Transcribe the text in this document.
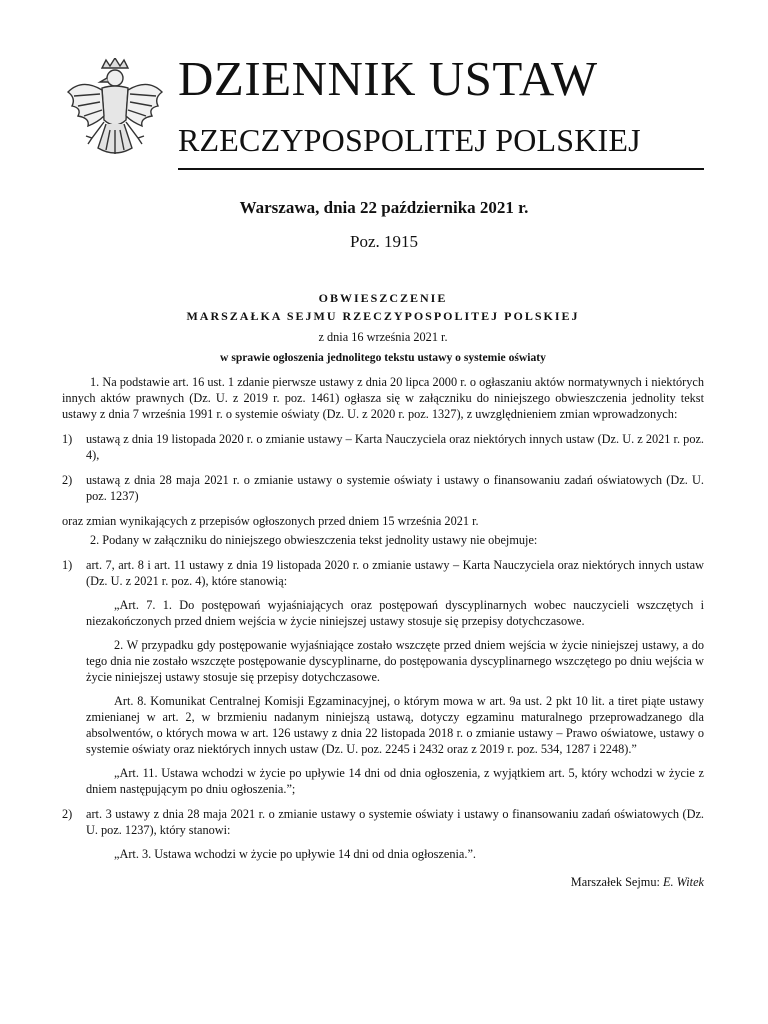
DZIENNIK USTAW
RZECZYPOSPOLITEJ POLSKIEJ
Warszawa, dnia 22 października 2021 r.
Poz. 1915
OBWIESZCZENIE
MARSZAŁKA SEJMU RZECZYPOSPOLITEJ POLSKIEJ
z dnia 16 września 2021 r.
w sprawie ogłoszenia jednolitego tekstu ustawy o systemie oświaty

1. Na podstawie art. 16 ust. 1 zdanie pierwsze ustawy z dnia 20 lipca 2000 r. o ogłaszaniu aktów normatywnych i niektórych innych aktów prawnych (Dz. U. z 2019 r. poz. 1461) ogłasza się w załączniku do niniejszego obwieszczenia jednolity tekst ustawy z dnia 7 września 1991 r. o systemie oświaty (Dz. U. z 2020 r. poz. 1327), z uwzględnieniem zmian wprowadzonych:

1)	ustawą z dnia 19 listopada 2020 r. o zmianie ustawy – Karta Nauczyciela oraz niektórych innych ustaw (Dz. U. z 2021 r. poz. 4),
2)	ustawą z dnia 28 maja 2021 r. o zmianie ustawy o systemie oświaty i ustawy o finansowaniu zadań oświatowych (Dz. U. poz. 1237)

oraz zmian wynikających z przepisów ogłoszonych przed dniem 15 września 2021 r.

2. Podany w załączniku do niniejszego obwieszczenia tekst jednolity ustawy nie obejmuje:

1)	art. 7, art. 8 i art. 11 ustawy z dnia 19 listopada 2020 r. o zmianie ustawy – Karta Nauczyciela oraz niektórych innych ustaw (Dz. U. z 2021 r. poz. 4), które stanowią:

„Art. 7. 1. Do postępowań wyjaśniających oraz postępowań dyscyplinarnych wobec nauczycieli wszczętych i niezakończonych przed dniem wejścia w życie niniejszej ustawy stosuje się przepisy dotychczasowe.

2. W przypadku gdy postępowanie wyjaśniające zostało wszczęte przed dniem wejścia w życie niniejszej ustawy, a do tego dnia nie zostało wszczęte postępowanie dyscyplinarne, do postępowania dyscyplinarnego wszczętego po dniu wejścia w życie niniejszej ustawy stosuje się przepisy dotychczasowe.

Art. 8. Komunikat Centralnej Komisji Egzaminacyjnej, o którym mowa w art. 9a ust. 2 pkt 10 lit. a tiret piąte ustawy zmienianej w art. 2, w brzmieniu nadanym niniejszą ustawą, dotyczy egzaminu maturalnego przeprowadzanego dla absolwentów, o których mowa w art. 126 ustawy z dnia 22 listopada 2018 r. o zmianie ustawy – Prawo oświatowe, ustawy o systemie oświaty oraz niektórych innych ustaw (Dz. U. poz. 2245 i 2432 oraz z 2019 r. poz. 534, 1287 i 2248).”

„Art. 11. Ustawa wchodzi w życie po upływie 14 dni od dnia ogłoszenia, z wyjątkiem art. 5, który wchodzi w życie z dniem następującym po dniu ogłoszenia.”;

2)	art. 3 ustawy z dnia 28 maja 2021 r. o zmianie ustawy o systemie oświaty i ustawy o finansowaniu zadań oświatowych (Dz. U. poz. 1237), który stanowi:

„Art. 3. Ustawa wchodzi w życie po upływie 14 dni od dnia ogłoszenia.”.

Marszałek Sejmu: E. Witek
